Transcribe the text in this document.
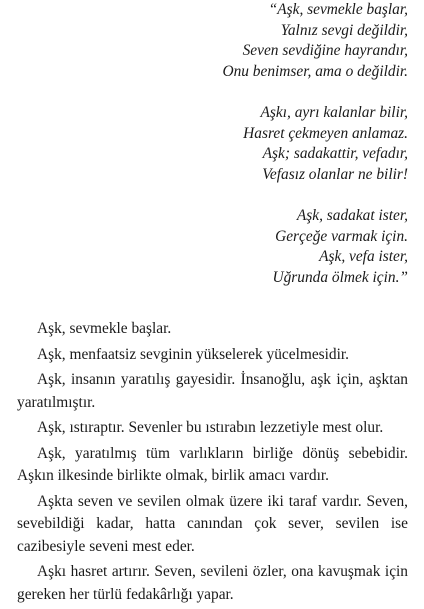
“Aşk, sevmekle başlar,
Yalnız sevgi değildir,
Seven sevdiğine hayrandır,
Onu benimser, ama o değildir.
Aşkı, ayrı kalanlar bilir,
Hasret çekmeyen anlamaz.
Aşk; sadakattir, vefadır,
Vefasız olanlar ne bilir!
Aşk, sadakat ister,
Gerçeğe varmak için.
Aşk, vefa ister,
Uğrunda ölmek için.”

Aşk, sevmekle başlar.

Aşk, menfaatsiz sevginin yükselerek yücelmesidir.

Aşk, insanın yaratılış gayesidir. İnsanoğlu, aşk için, aşktan yaratılmıştır.

Aşk, ıstıraptır. Sevenler bu ıstırabın lezzetiyle mest olur.

Aşk, yaratılmış tüm varlıkların birliğe dönüş sebebidir. Aşkın ilkesinde birlikte olmak, birlik amacı vardır.

Aşkta seven ve sevilen olmak üzere iki taraf vardır. Seven, sevebildiği kadar, hatta canından çok sever, sevilen ise cazibesiyle seveni mest eder.

Aşkı hasret artırır. Seven, sevileni özler, ona kavuşmak için gereken her türlü fedakârlığı yapar.
